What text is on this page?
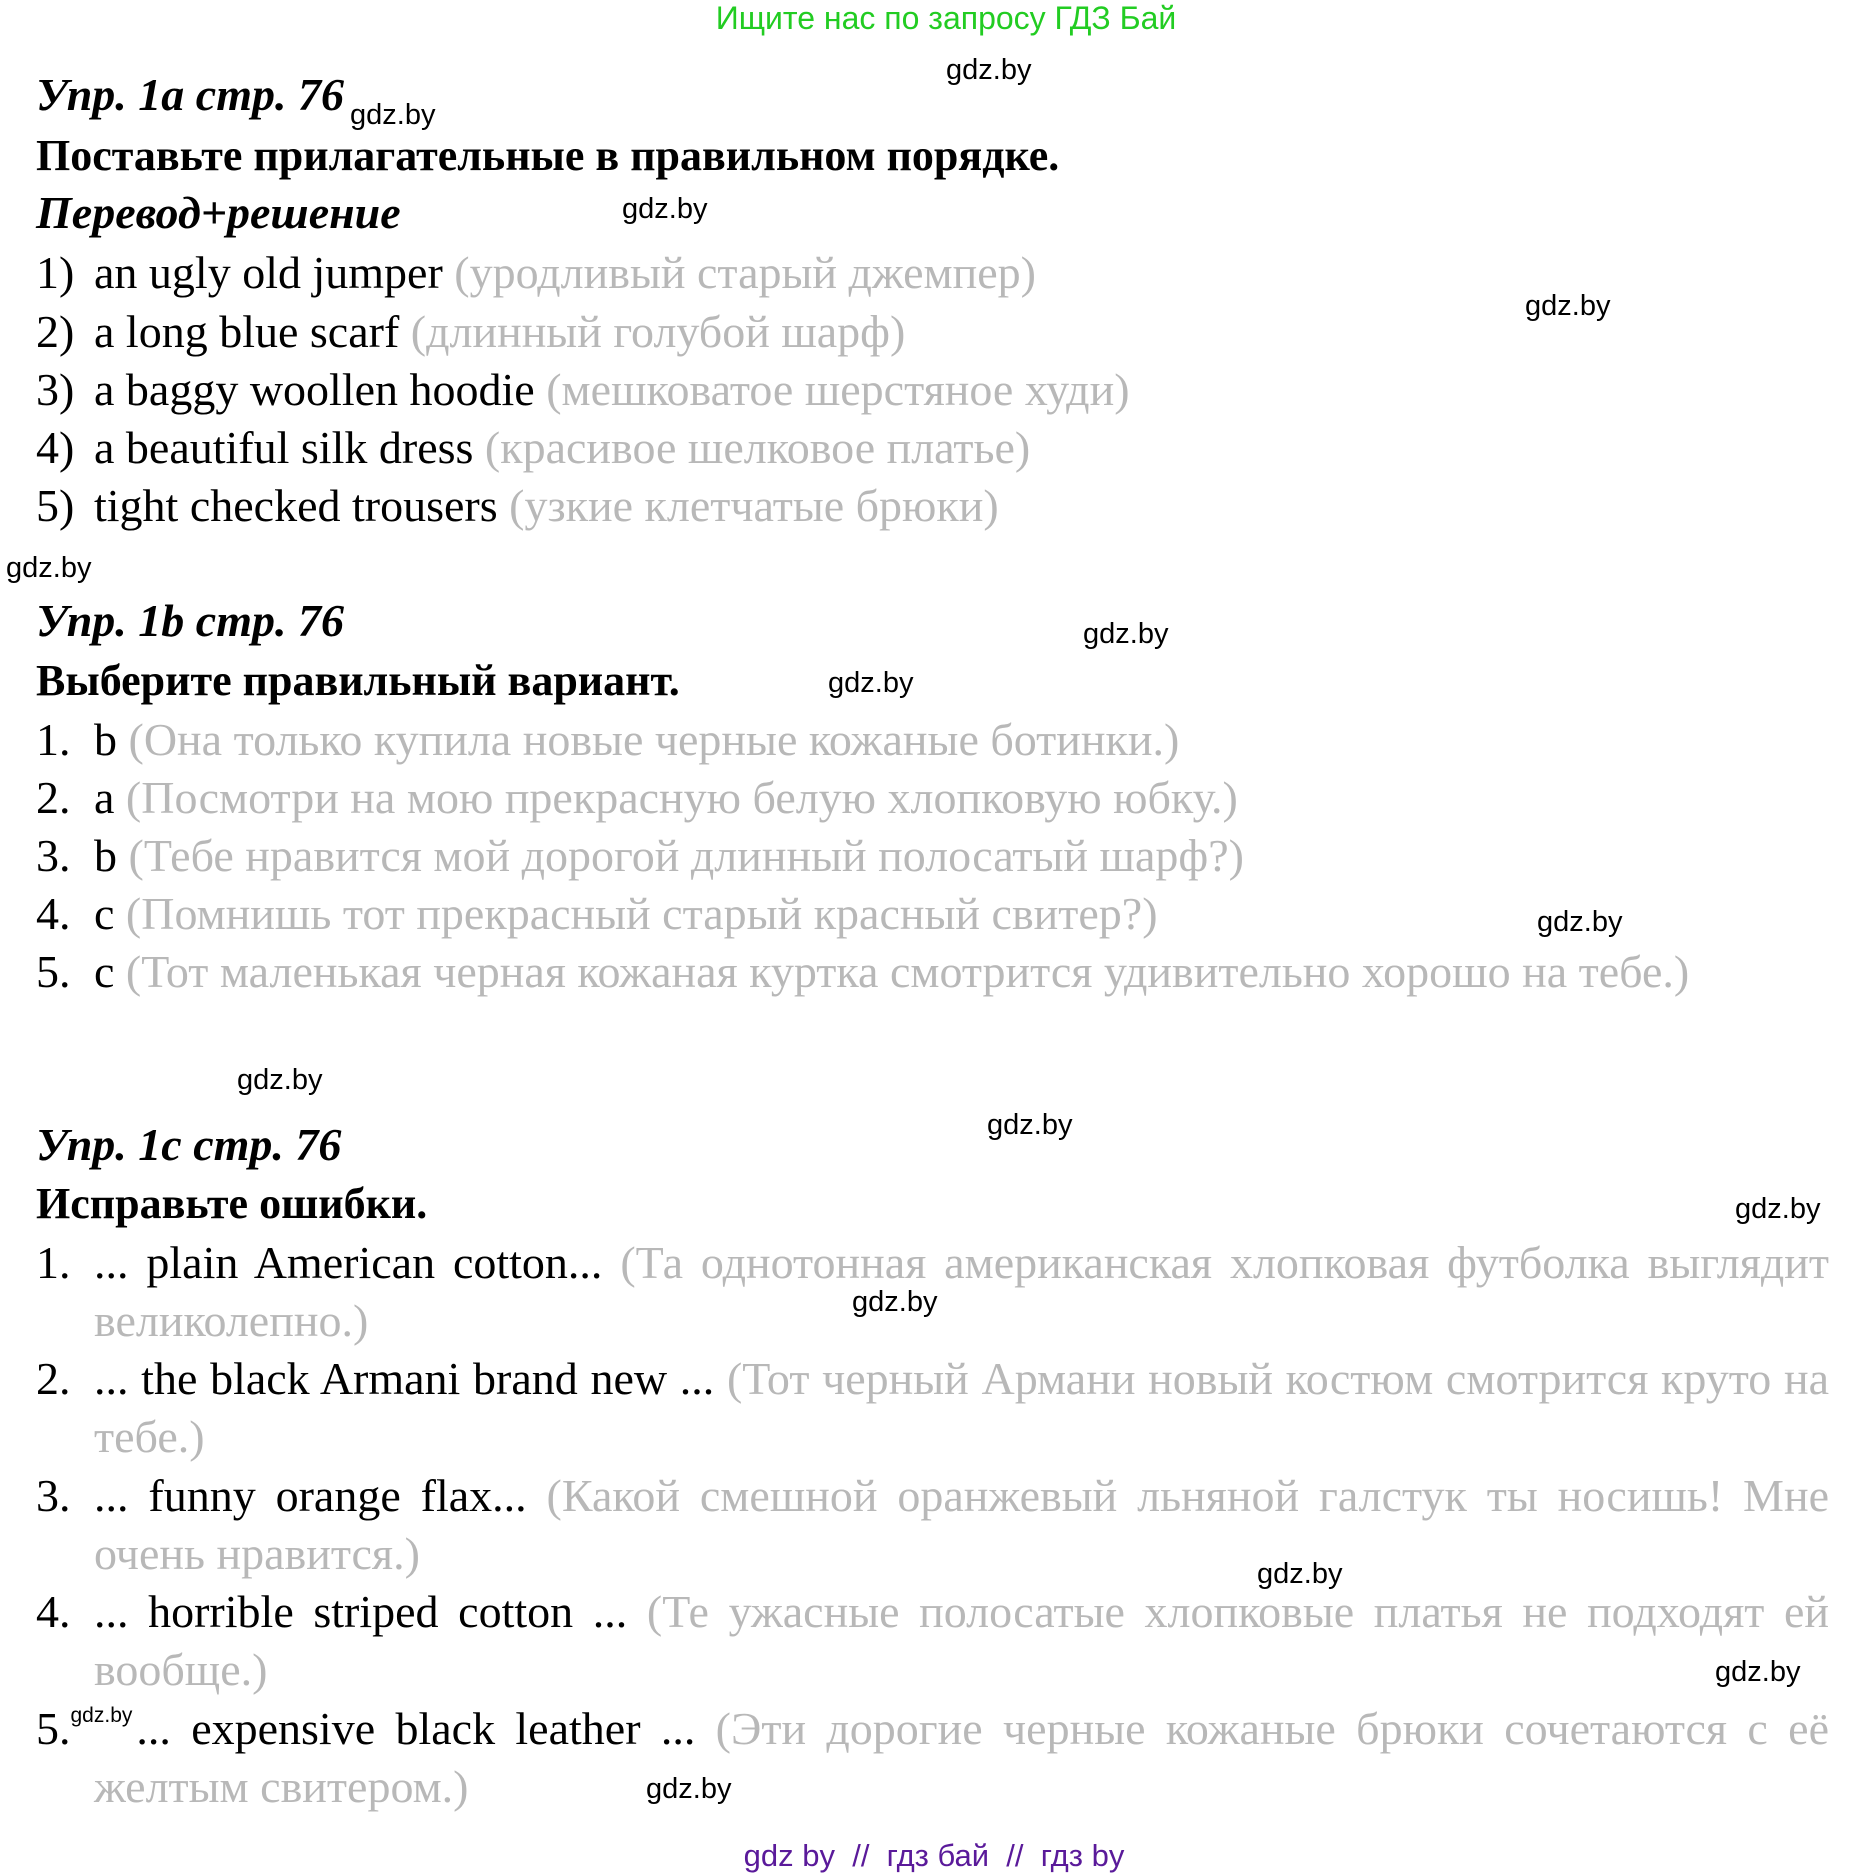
Ищите нас по запросу ГДЗ Бай
Упр. 1a стр. 76 gdz.by
Поставьте прилагательные в правильном порядке.
Перевод+решение
1) an ugly old jumper (уродливый старый джемпер)
2) a long blue scarf (длинный голубой шарф)
3) a baggy woollen hoodie (мешковатое шерстяное худи)
4) a beautiful silk dress (красивое шелковое платье)
5) tight checked trousers (узкие клетчатые брюки)
Упр. 1b стр. 76
Выберите правильный вариант.
1. b (Она только купила новые черные кожаные ботинки.)
2. a (Посмотри на мою прекрасную белую хлопковую юбку.)
3. b (Тебе нравится мой дорогой длинный полосатый шарф?)
4. c (Помнишь тот прекрасный старый красный свитер?)
5. c (Тот маленькая черная кожаная куртка смотрится удивительно хорошо на тебе.)
Упр. 1c стр. 76
Исправьте ошибки.
1. ... plain American cotton... (Та однотонная американская хлопковая футболка выглядит великолепно.)
2. ... the black Armani brand new ... (Тот черный Армани новый костюм смотрится круто на тебе.)
3. ... funny orange flax... (Какой смешной оранжевый льняной галстук ты носишь! Мне очень нравится.)
4. ... horrible striped cotton ... (Те ужасные полосатые хлопковые платья не подходят ей вообще.)
5.$^{gdz.by}$... expensive black leather ... (Эти дорогие черные кожаные брюки сочетаются с её желтым свитером.)
gdz.by
gdz.by
gdz.by
gdz.by
gdz.by
gdz.by
gdz.by
gdz.by
gdz.by
gdz.by
gdz.by
gdz.by
gdz.by
gdz.by
gdz by  //  гдз бай  //  гдз by
